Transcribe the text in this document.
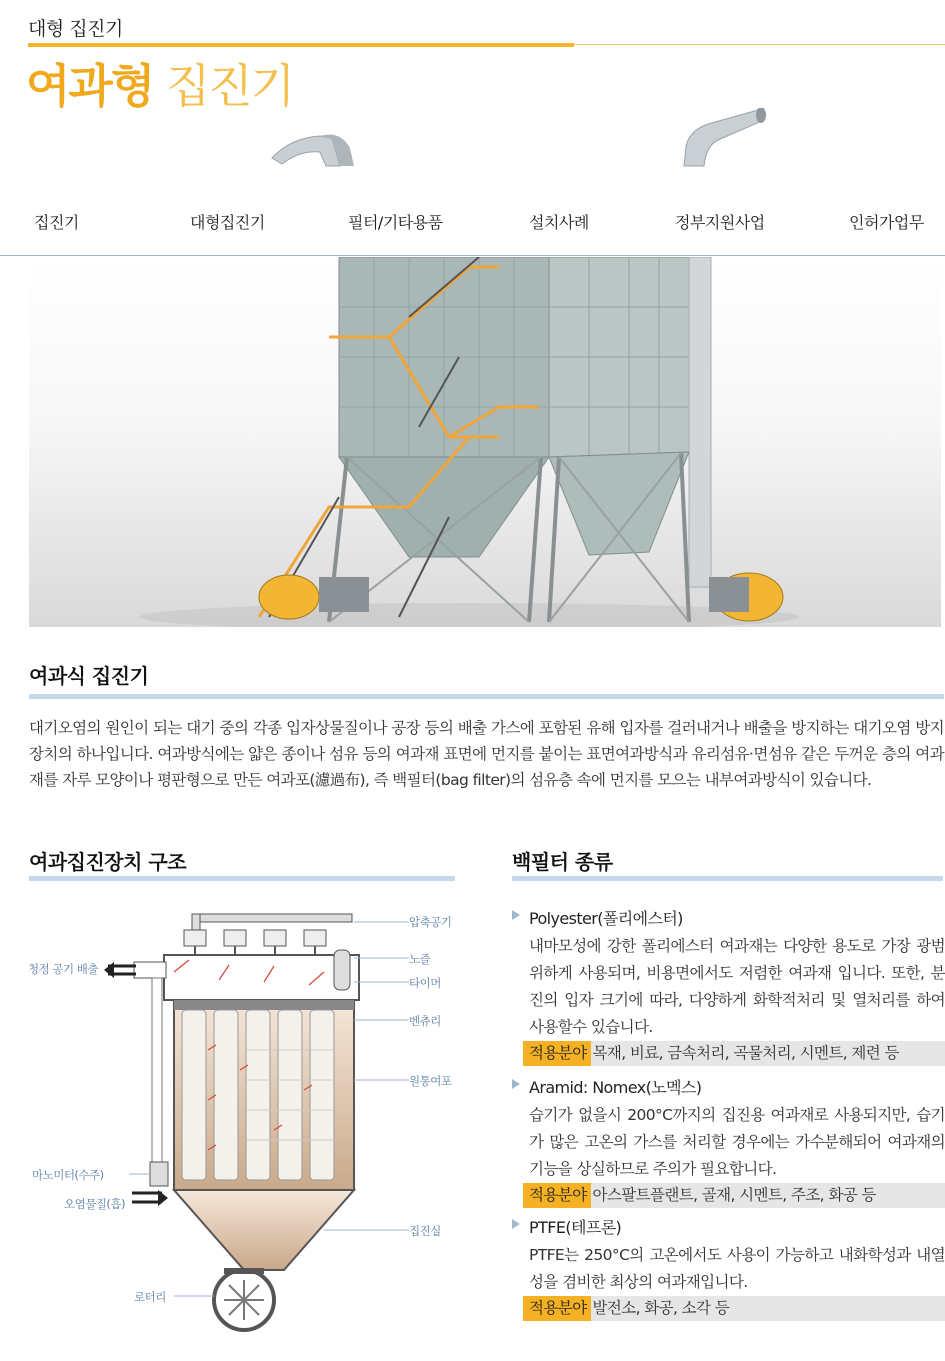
대형 집진기
여과형 집진기
집진기	대형집진기	필터/기타용품	설치사례	정부지원사업	인허가업무
여과식 집진기
대기오염의 원인이 되는 대기 중의 각종 입자상물질이나 공장 등의 배출 가스에 포함된 유해 입자를 걸러내거나 배출을 방지하는 대기오염 방지 장치의 하나입니다. 여과방식에는 얇은 종이나 섬유 등의 여과재 표면에 먼지를 붙이는 표면여과방식과 유리섬유·면섬유 같은 두꺼운 층의 여과재를 자루 모양이나 평판형으로 만든 여과포(濾過布), 즉 백필터(bag filter)의 섬유층 속에 먼지를 모으는 내부여과방식이 있습니다.
여과집진장치 구조
압축공기
노즐
타이머
벤츄리
원통여포
집진실
청정 공기 배출
마노미터(수주)
오염물질(흡)
로터리
백필터 종류
Polyester(폴리에스터)
내마모성에 강한 폴리에스터 여과재는 다양한 용도로 가장 광범위하게 사용되며, 비용면에서도 저렴한 여과재 입니다. 또한, 분진의 입자 크기에 따라, 다양하게 화학적처리 및 열처리를 하여 사용할수 있습니다.
적용분야 목재, 비료, 금속처리, 곡물처리, 시멘트, 제련 등
Aramid: Nomex(노멕스)
습기가 없을시 200°C까지의 집진용 여과재로 사용되지만, 습기가 많은 고온의 가스를 처리할 경우에는 가수분해되어 여과재의 기능을 상실하므로 주의가 필요합니다.
적용분야 아스팔트플랜트, 골재, 시멘트, 주조, 화공 등
PTFE(테프론)
PTFE는 250°C의 고온에서도 사용이 가능하고 내화학성과 내열성을 겸비한 최상의 여과재입니다.
적용분야 발전소, 화공, 소각 등
